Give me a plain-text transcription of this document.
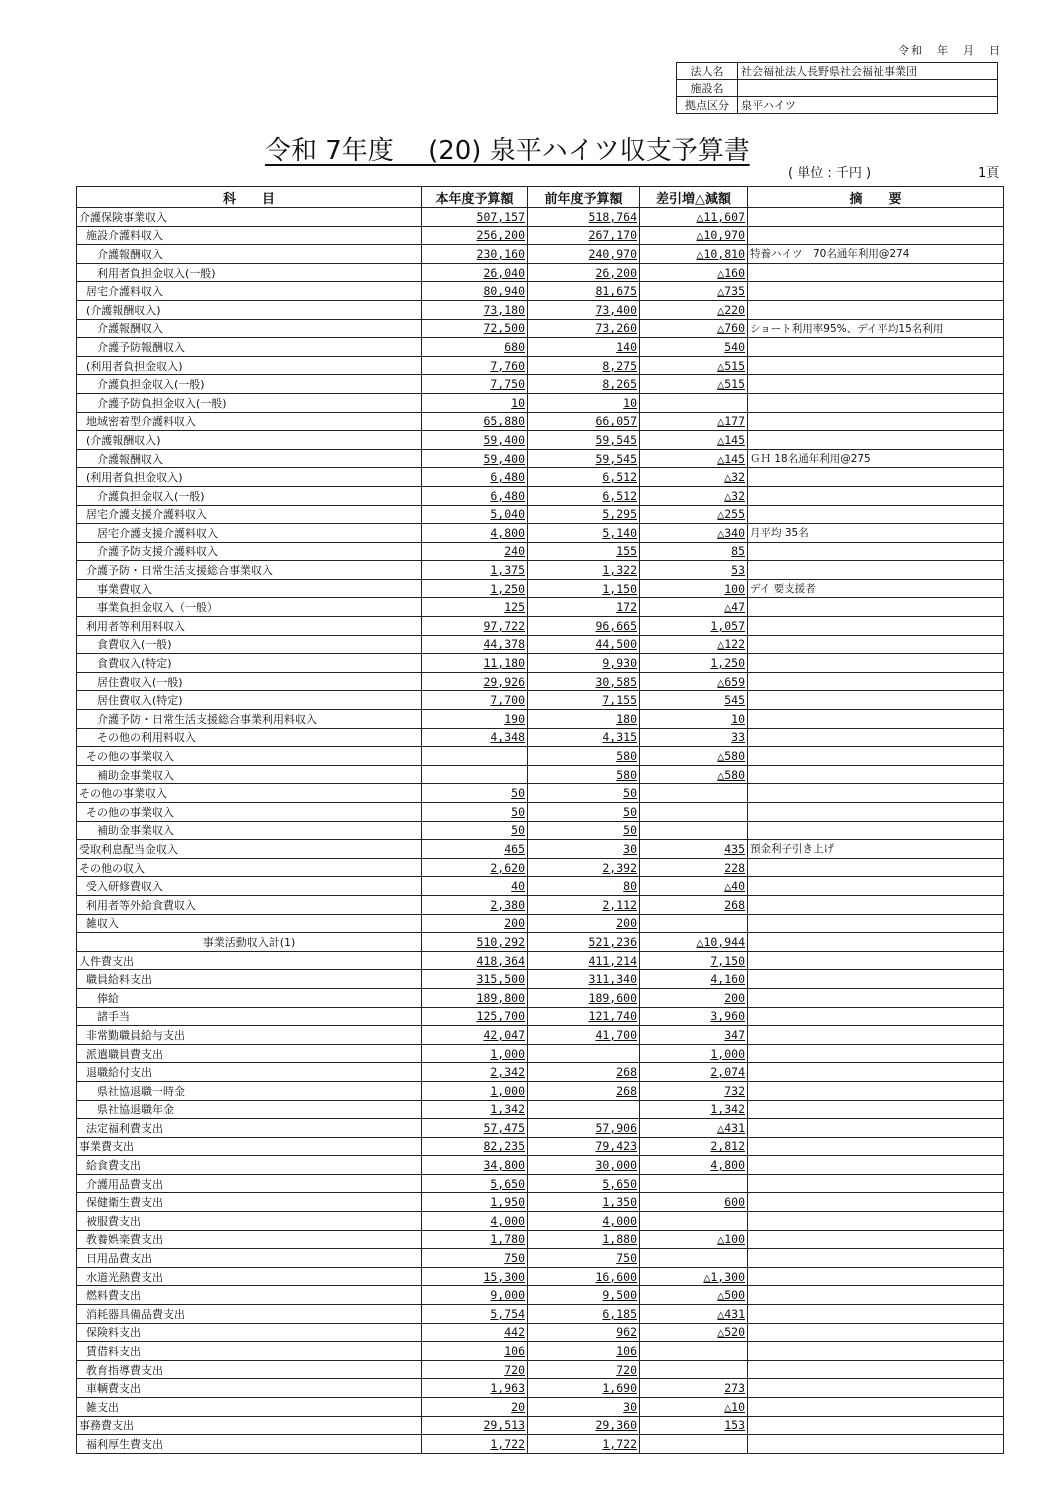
令和　年　月　日
法人名	社会福祉法人長野県社会福祉事業団
施設名	
拠点区分	泉平ハイツ
令和 7年度　 (20) 泉平ハイツ収支予算書
( 単位 : 千円 )	1頁
科　　目	本年度予算額	前年度予算額	差引増△減額	摘　　要
介護保険事業収入	507,157	518,764	△11,607	
施設介護料収入	256,200	267,170	△10,970	
介護報酬収入	230,160	240,970	△10,810	特養ハイツ　70名通年利用@274
利用者負担金収入(一般)	26,040	26,200	△160	
居宅介護料収入	80,940	81,675	△735	
(介護報酬収入)	73,180	73,400	△220	
介護報酬収入	72,500	73,260	△760	ショート利用率95%、デイ平均15名利用
介護予防報酬収入	680	140	540	
(利用者負担金収入)	7,760	8,275	△515	
介護負担金収入(一般)	7,750	8,265	△515	
介護予防負担金収入(一般)	10	10		
地域密着型介護料収入	65,880	66,057	△177	
(介護報酬収入)	59,400	59,545	△145	
介護報酬収入	59,400	59,545	△145	ＧＨ 18名通年利用@275
(利用者負担金収入)	6,480	6,512	△32	
介護負担金収入(一般)	6,480	6,512	△32	
居宅介護支援介護料収入	5,040	5,295	△255	
居宅介護支援介護料収入	4,800	5,140	△340	月平均 35名
介護予防支援介護料収入	240	155	85	
介護予防・日常生活支援総合事業収入	1,375	1,322	53	
事業費収入	1,250	1,150	100	デイ 要支援者
事業負担金収入（一般）	125	172	△47	
利用者等利用料収入	97,722	96,665	1,057	
食費収入(一般)	44,378	44,500	△122	
食費収入(特定)	11,180	9,930	1,250	
居住費収入(一般)	29,926	30,585	△659	
居住費収入(特定)	7,700	7,155	545	
介護予防・日常生活支援総合事業利用料収入	190	180	10	
その他の利用料収入	4,348	4,315	33	
その他の事業収入		580	△580	
補助金事業収入		580	△580	
その他の事業収入	50	50		
その他の事業収入	50	50		
補助金事業収入	50	50		
受取利息配当金収入	465	30	435	預金利子引き上げ
その他の収入	2,620	2,392	228	
受入研修費収入	40	80	△40	
利用者等外給食費収入	2,380	2,112	268	
雑収入	200	200		
事業活動収入計(1)	510,292	521,236	△10,944	
人件費支出	418,364	411,214	7,150	
職員給料支出	315,500	311,340	4,160	
俸給	189,800	189,600	200	
諸手当	125,700	121,740	3,960	
非常勤職員給与支出	42,047	41,700	347	
派遣職員費支出	1,000		1,000	
退職給付支出	2,342	268	2,074	
県社協退職一時金	1,000	268	732	
県社協退職年金	1,342		1,342	
法定福利費支出	57,475	57,906	△431	
事業費支出	82,235	79,423	2,812	
給食費支出	34,800	30,000	4,800	
介護用品費支出	5,650	5,650		
保健衛生費支出	1,950	1,350	600	
被服費支出	4,000	4,000		
教養娯楽費支出	1,780	1,880	△100	
日用品費支出	750	750		
水道光熱費支出	15,300	16,600	△1,300	
燃料費支出	9,000	9,500	△500	
消耗器具備品費支出	5,754	6,185	△431	
保険料支出	442	962	△520	
賃借料支出	106	106		
教育指導費支出	720	720		
車輌費支出	1,963	1,690	273	
雑支出	20	30	△10	
事務費支出	29,513	29,360	153	
福利厚生費支出	1,722	1,722		
